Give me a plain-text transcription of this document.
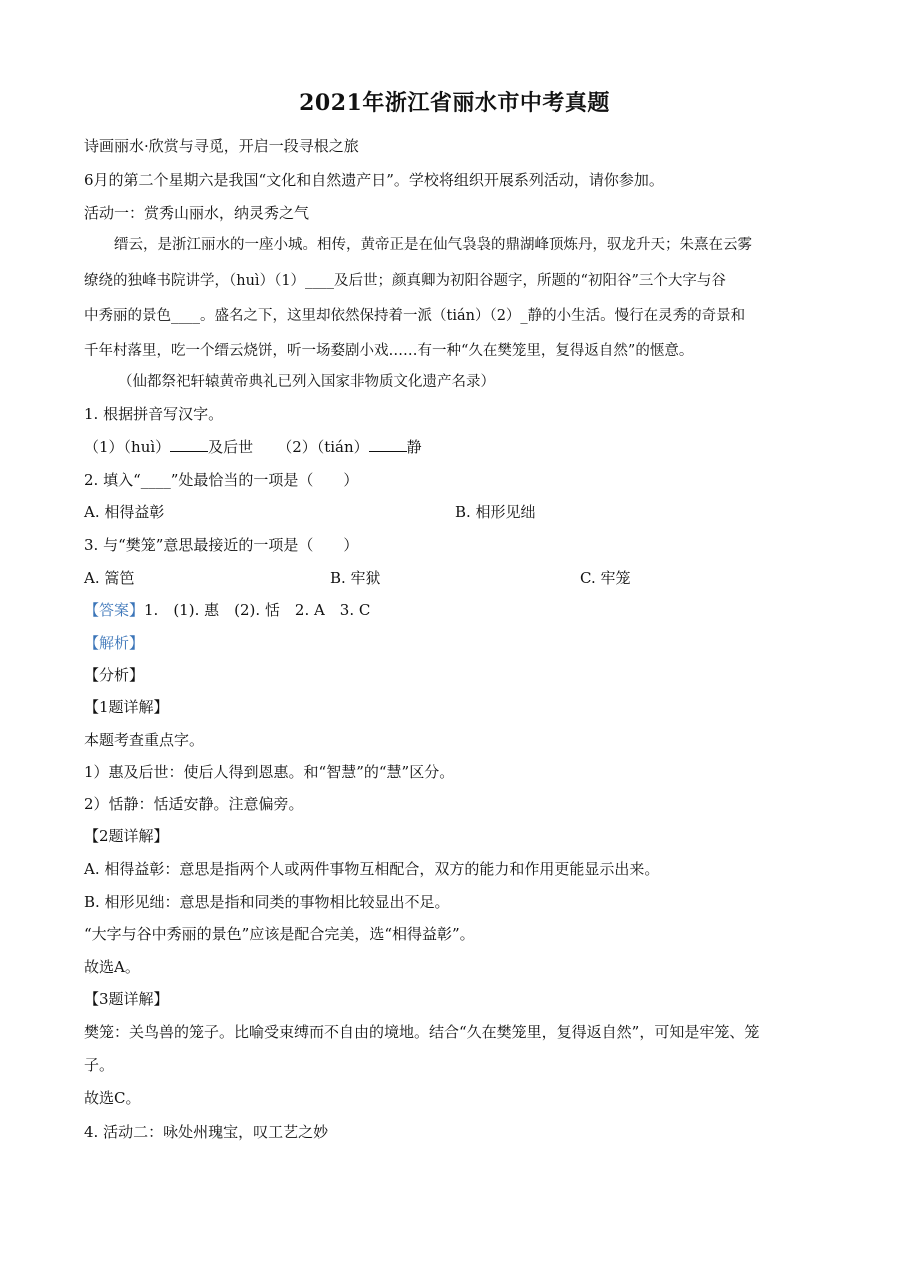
2021年浙江省丽水市中考真题
诗画丽水·欣赏与寻觅，开启一段寻根之旅
6月的第二个星期六是我国“文化和自然遗产日”。学校将组织开展系列活动，请你参加。
活动一：赏秀山丽水，纳灵秀之气
缙云，是浙江丽水的一座小城。相传，黄帝正是在仙气袅袅的鼎湖峰顶炼丹，驭龙升天；朱熹在云雾
缭绕的独峰书院讲学，（huì）（1）____及后世；颜真卿为初阳谷题字，所题的“初阳谷”三个大字与谷
中秀丽的景色____。盛名之下，这里却依然保持着一派（tián）（2）_静的小生活。慢行在灵秀的奇景和
千年村落里，吃一个缙云烧饼，听一场婺剧小戏……有一种“久在樊笼里，复得返自然”的惬意。
（仙都祭祀轩辕黄帝典礼已列入国家非物质文化遗产名录）
1. 根据拼音写汉字。
（1）（huì）	及后世 （2）（tián）	静
2. 填入“____”处最恰当的一项是（　　）
A. 相得益彰	B. 相形见绌
3. 与“樊笼”意思最接近的一项是（　　）
A. 篙笆	B. 牢狱	C. 牢笼
【答案】1.　(1). 惠　(2). 恬　2. A　3. C
【解析】
【分析】
【1题详解】
本题考查重点字。
1）惠及后世：使后人得到恩惠。和“智慧”的“慧”区分。
2）恬静：恬适安静。注意偏旁。
【2题详解】
A. 相得益彰：意思是指两个人或两件事物互相配合，双方的能力和作用更能显示出来。
B. 相形见绌：意思是指和同类的事物相比较显出不足。
“大字与谷中秀丽的景色”应该是配合完美，选“相得益彰”。
故选A。
【3题详解】
樊笼：关鸟兽的笼子。比喻受束缚而不自由的境地。结合“久在樊笼里，复得返自然”，可知是牢笼、笼
子。
故选C。
4. 活动二：咏处州瑰宝，叹工艺之妙
